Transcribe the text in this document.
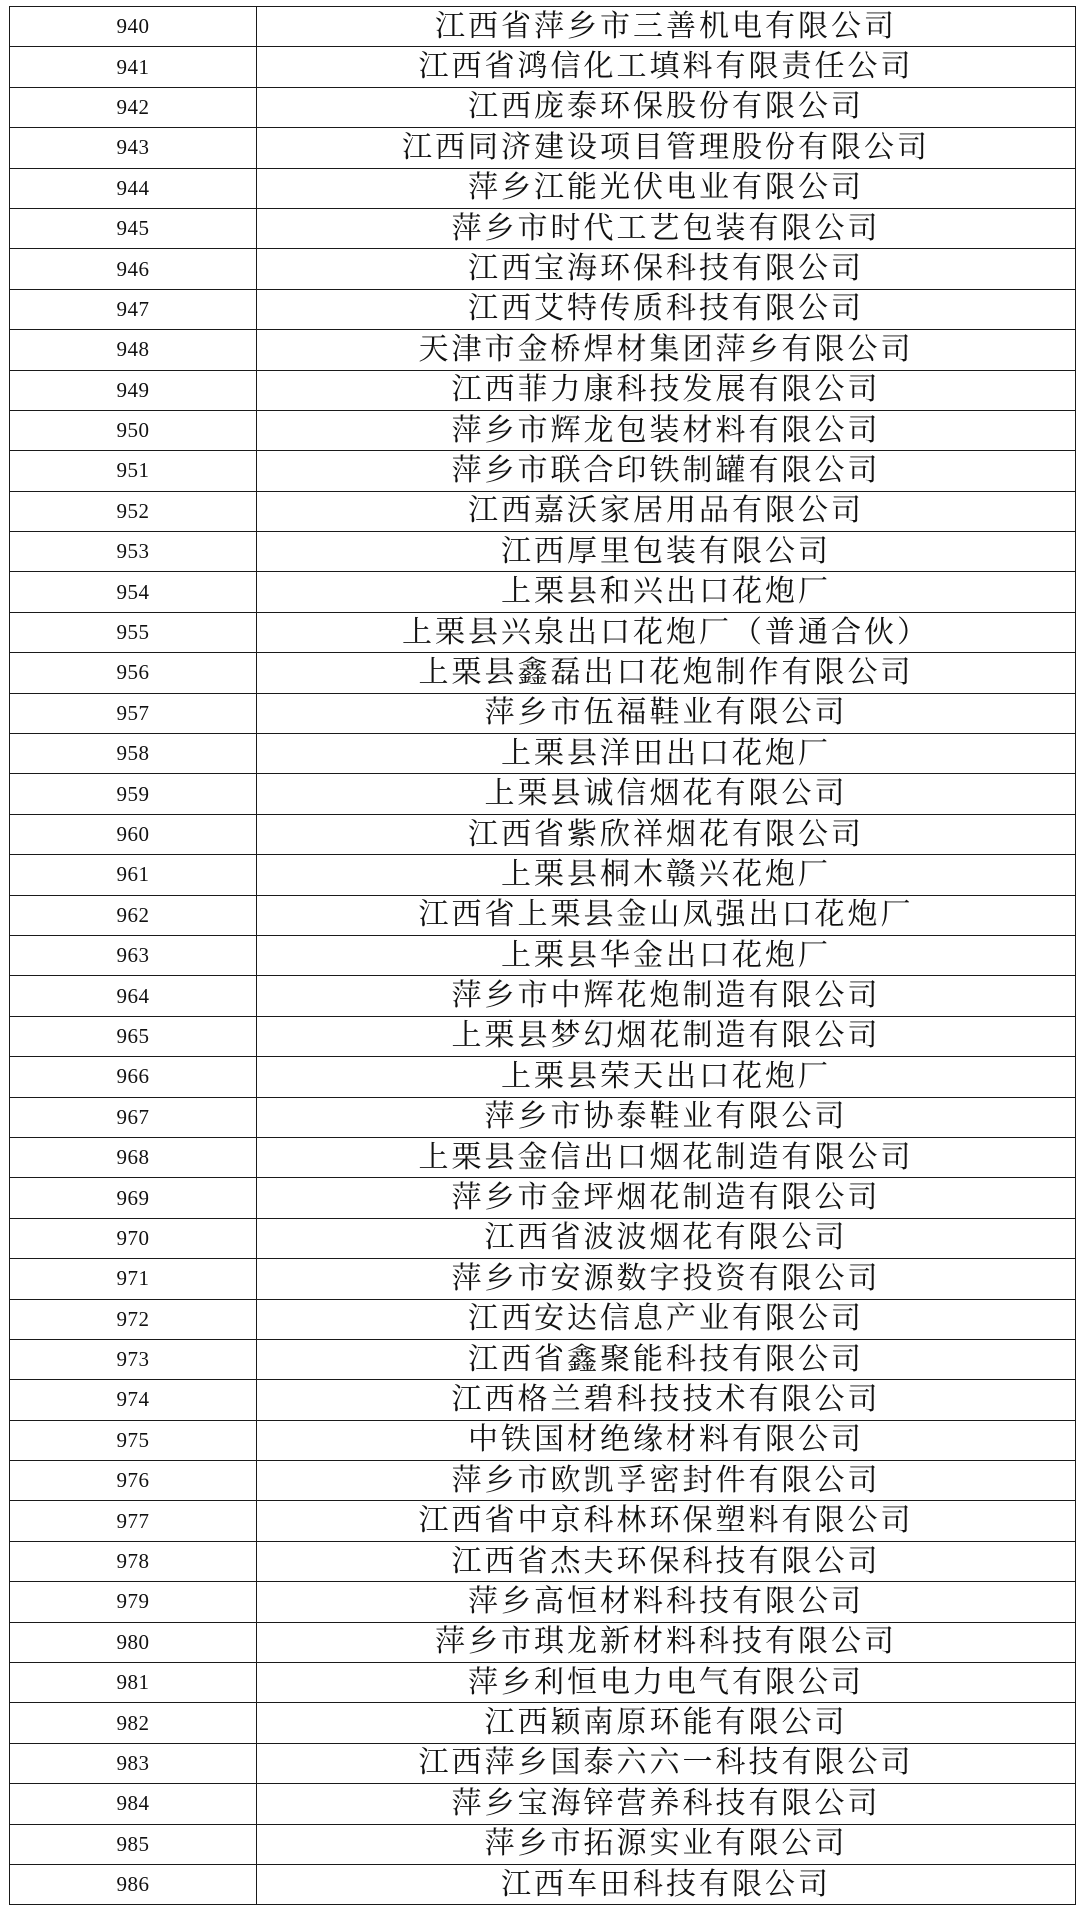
940	江西省萍乡市三善机电有限公司
941	江西省鸿信化工填料有限责任公司
942	江西庞泰环保股份有限公司
943	江西同济建设项目管理股份有限公司
944	萍乡江能光伏电业有限公司
945	萍乡市时代工艺包装有限公司
946	江西宝海环保科技有限公司
947	江西艾特传质科技有限公司
948	天津市金桥焊材集团萍乡有限公司
949	江西菲力康科技发展有限公司
950	萍乡市辉龙包装材料有限公司
951	萍乡市联合印铁制罐有限公司
952	江西嘉沃家居用品有限公司
953	江西厚里包装有限公司
954	上栗县和兴出口花炮厂
955	上栗县兴泉出口花炮厂（普通合伙）
956	上栗县鑫磊出口花炮制作有限公司
957	萍乡市伍福鞋业有限公司
958	上栗县洋田出口花炮厂
959	上栗县诚信烟花有限公司
960	江西省紫欣祥烟花有限公司
961	上栗县桐木赣兴花炮厂
962	江西省上栗县金山凤强出口花炮厂
963	上栗县华金出口花炮厂
964	萍乡市中辉花炮制造有限公司
965	上栗县梦幻烟花制造有限公司
966	上栗县荣天出口花炮厂
967	萍乡市协泰鞋业有限公司
968	上栗县金信出口烟花制造有限公司
969	萍乡市金坪烟花制造有限公司
970	江西省波波烟花有限公司
971	萍乡市安源数字投资有限公司
972	江西安达信息产业有限公司
973	江西省鑫聚能科技有限公司
974	江西格兰碧科技技术有限公司
975	中铁国材绝缘材料有限公司
976	萍乡市欧凯孚密封件有限公司
977	江西省中京科林环保塑料有限公司
978	江西省杰夫环保科技有限公司
979	萍乡高恒材料科技有限公司
980	萍乡市琪龙新材料科技有限公司
981	萍乡利恒电力电气有限公司
982	江西颖南原环能有限公司
983	江西萍乡国泰六六一科技有限公司
984	萍乡宝海锌营养科技有限公司
985	萍乡市拓源实业有限公司
986	江西车田科技有限公司
